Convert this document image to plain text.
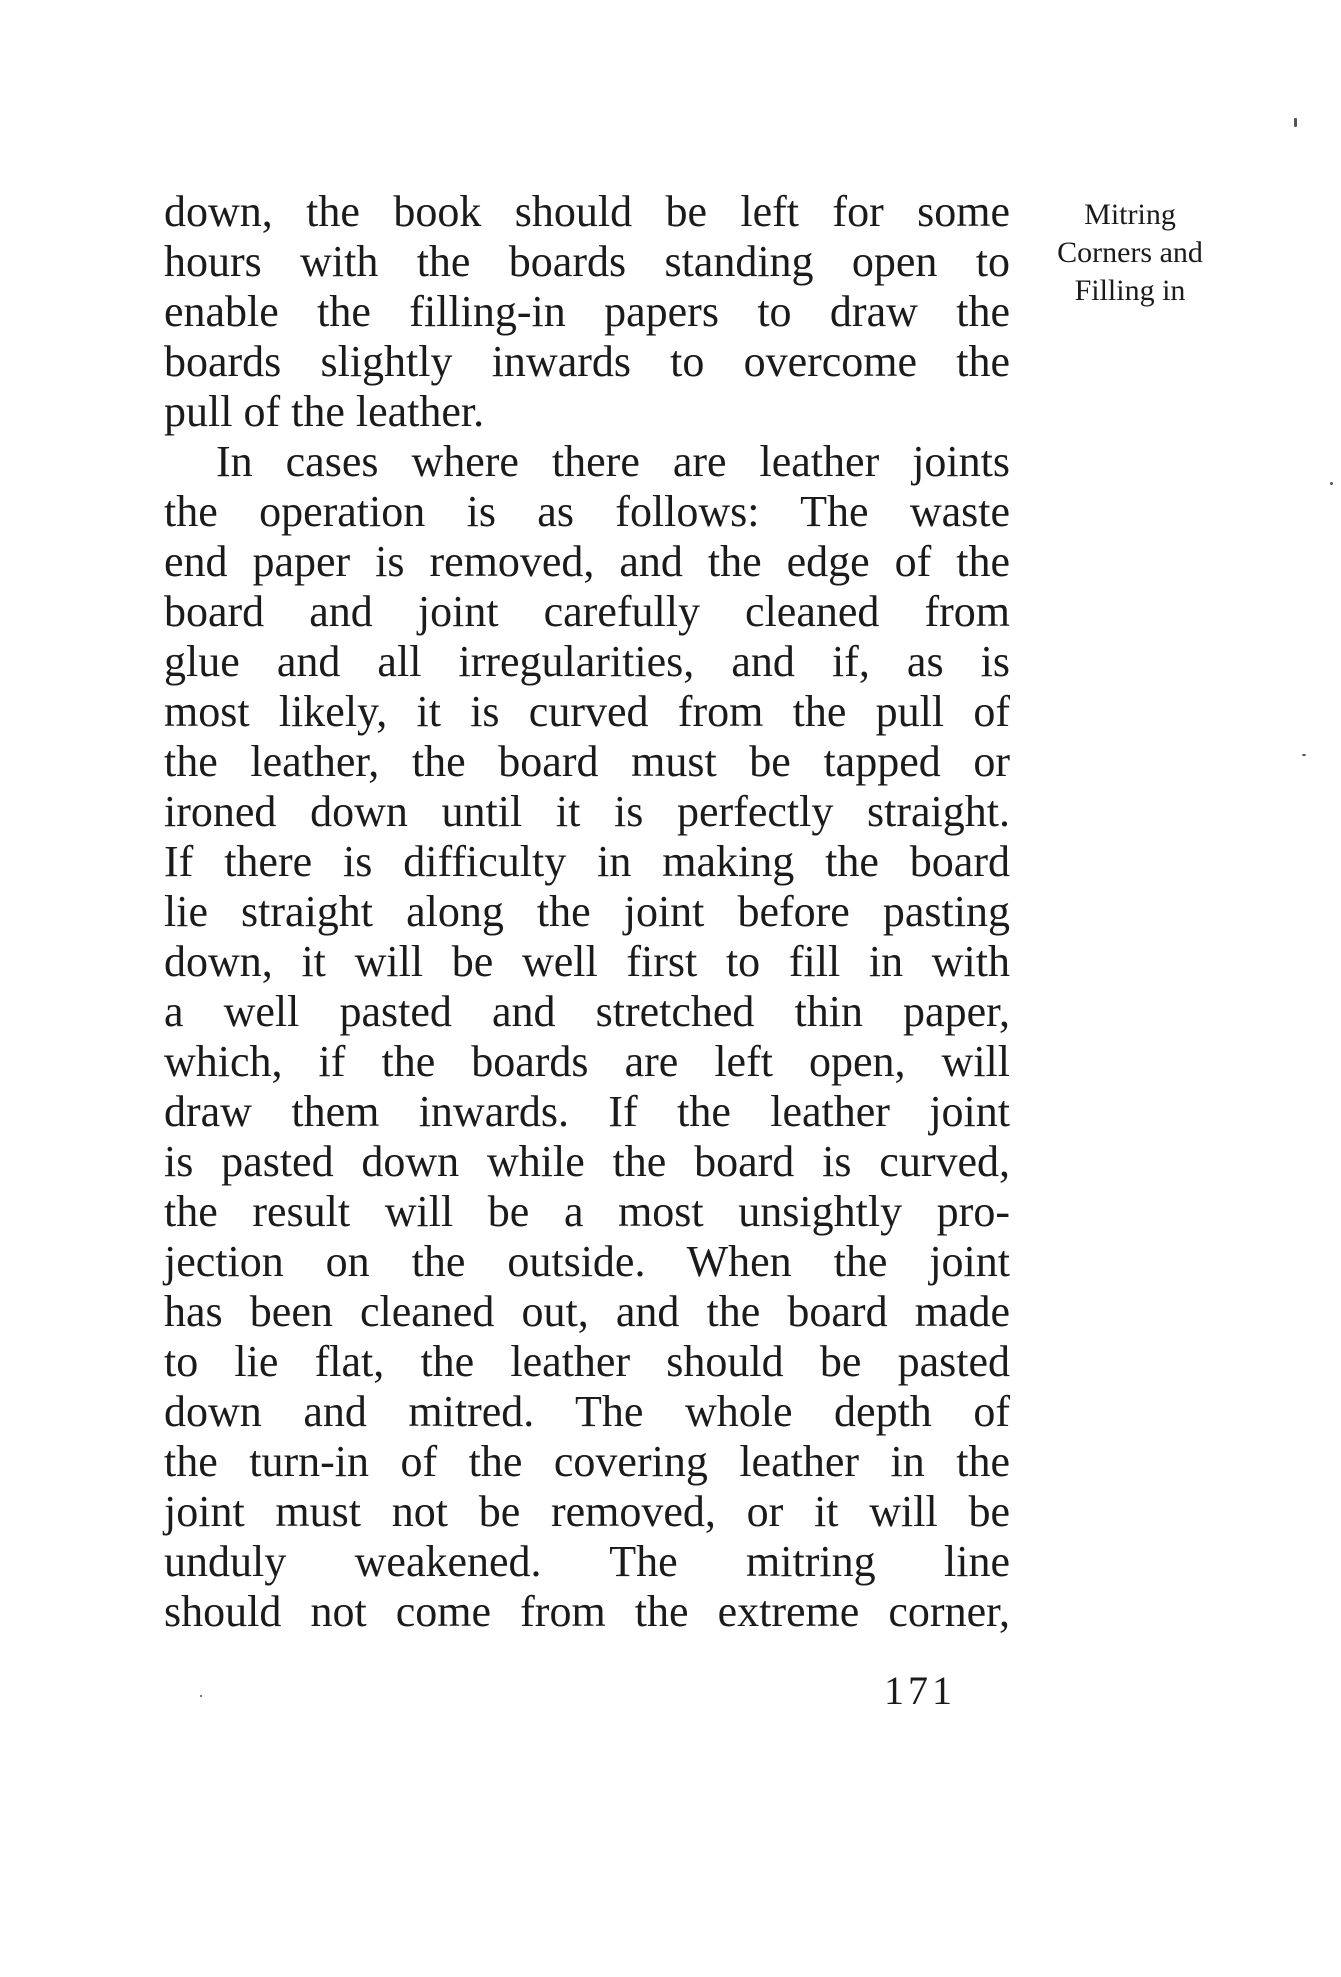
down, the book should be left for some
hours with the boards standing open to
enable the filling-in papers to draw the
boards slightly inwards to overcome the
pull of the leather.
In cases where there are leather joints
the operation is as follows: The waste
end paper is removed, and the edge of the
board and joint carefully cleaned from
glue and all irregularities, and if, as is
most likely, it is curved from the pull of
the leather, the board must be tapped or
ironed down until it is perfectly straight.
If there is difficulty in making the board
lie straight along the joint before pasting
down, it will be well first to fill in with
a well pasted and stretched thin paper,
which, if the boards are left open, will
draw them inwards. If the leather joint
is pasted down while the board is curved,
the result will be a most unsightly pro-
jection on the outside. When the joint
has been cleaned out, and the board made
to lie flat, the leather should be pasted
down and mitred. The whole depth of
the turn-in of the covering leather in the
joint must not be removed, or it will be
unduly weakened. The mitring line
should not come from the extreme corner,
Mitring
Corners and
Filling in
171
